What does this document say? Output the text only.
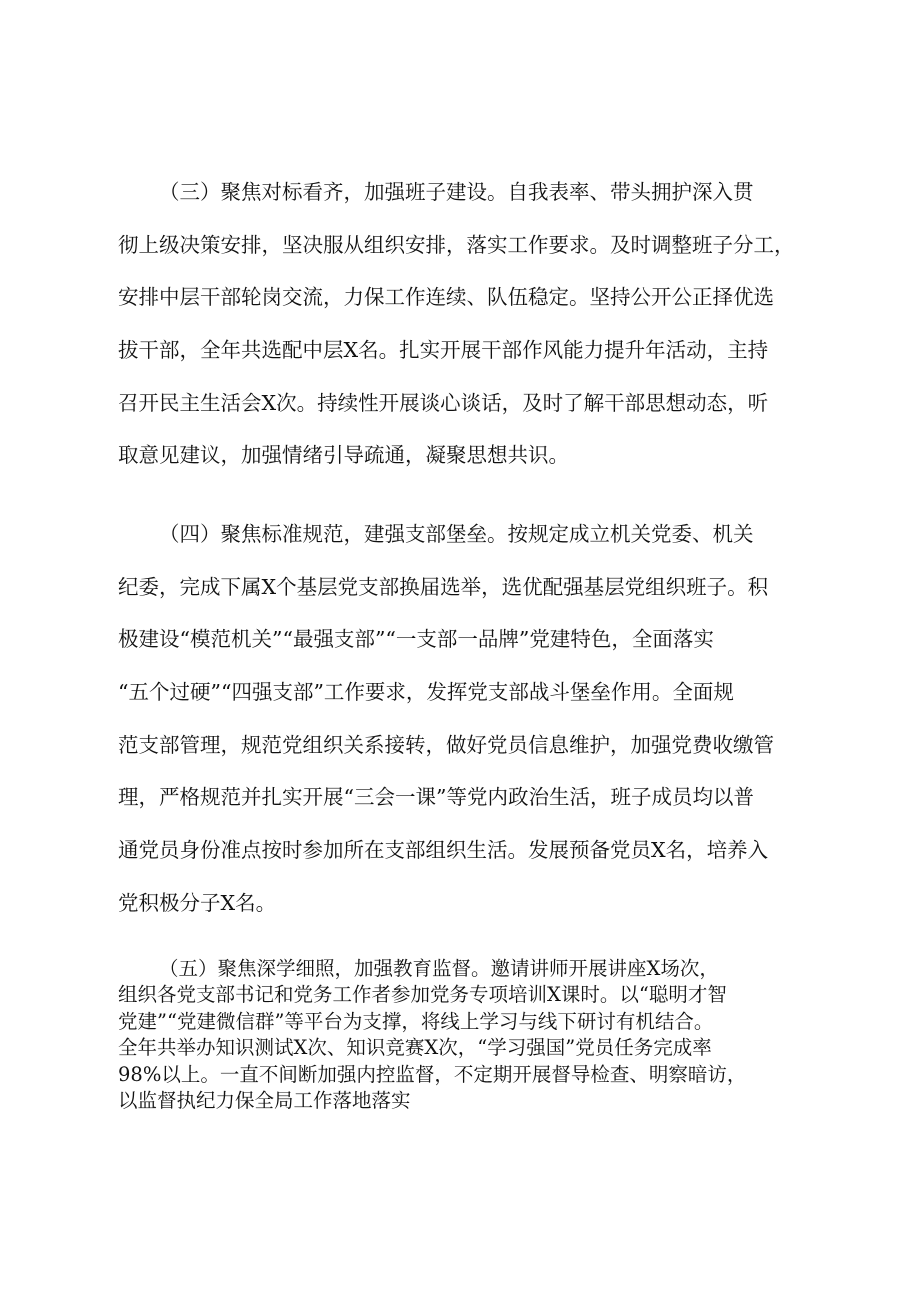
（三）聚焦对标看齐，加强班子建设。自我表率、带头拥护深入贯
彻上级决策安排，坚决服从组织安排，落实工作要求。及时调整班子分工，
安排中层干部轮岗交流，力保工作连续、队伍稳定。坚持公开公正择优选
拔干部，全年共选配中层X名。扎实开展干部作风能力提升年活动，主持
召开民主生活会X次。持续性开展谈心谈话，及时了解干部思想动态，听
取意见建议，加强情绪引导疏通，凝聚思想共识。
（四）聚焦标准规范，建强支部堡垒。按规定成立机关党委、机关
纪委，完成下属X个基层党支部换届选举，选优配强基层党组织班子。积
极建设“模范机关”“最强支部”“一支部一品牌”党建特色，全面落实
“五个过硬”“四强支部”工作要求，发挥党支部战斗堡垒作用。全面规
范支部管理，规范党组织关系接转，做好党员信息维护，加强党费收缴管
理，严格规范并扎实开展“三会一课”等党内政治生活，班子成员均以普
通党员身份准点按时参加所在支部组织生活。发展预备党员X名，培养入
党积极分子X名。
（五）聚焦深学细照，加强教育监督。邀请讲师开展讲座X场次，
组织各党支部书记和党务工作者参加党务专项培训X课时。以“聪明才智
党建”“党建微信群”等平台为支撑，将线上学习与线下研讨有机结合。
全年共举办知识测试X次、知识竞赛X次，“学习强国”党员任务完成率
98%以上。一直不间断加强内控监督，不定期开展督导检查、明察暗访，
以监督执纪力保全局工作落地落实
